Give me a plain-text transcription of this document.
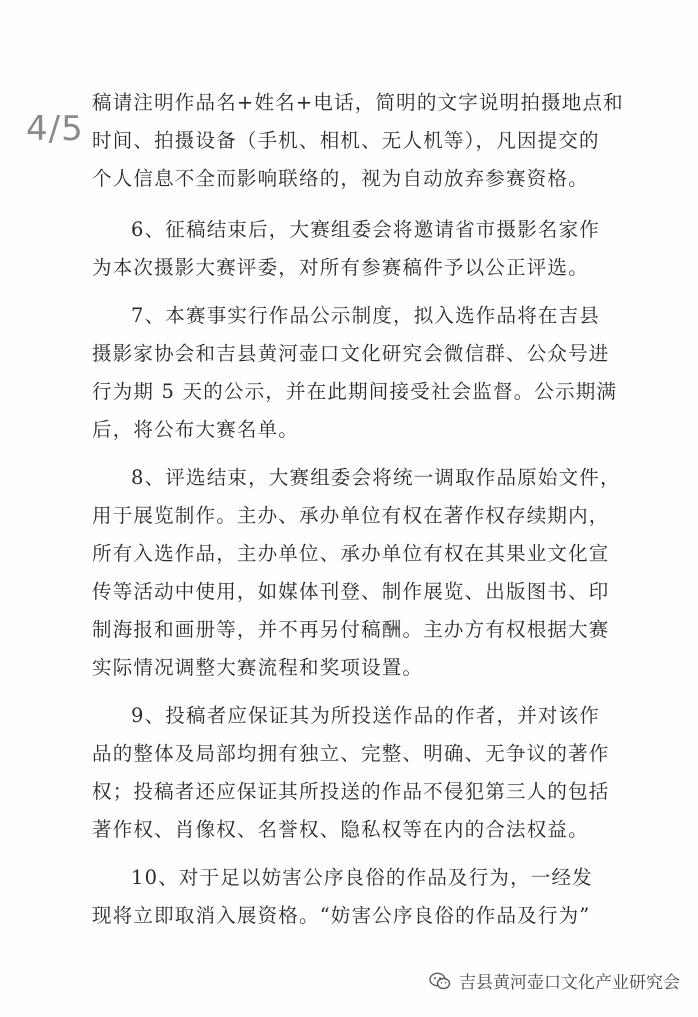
4/5

稿请注明作品名+姓名+电话，简明的文字说明拍摄地点和
时间、拍摄设备（手机、相机、无人机等），凡因提交的
个人信息不全而影响联络的，视为自动放弃参赛资格。

6、征稿结束后，大赛组委会将邀请省市摄影名家作
为本次摄影大赛评委，对所有参赛稿件予以公正评选。

7、本赛事实行作品公示制度，拟入选作品将在吉县
摄影家协会和吉县黄河壶口文化研究会微信群、公众号进
行为期 5 天的公示，并在此期间接受社会监督。公示期满
后，将公布大赛名单。

8、评选结束，大赛组委会将统一调取作品原始文件，
用于展览制作。主办、承办单位有权在著作权存续期内，
所有入选作品，主办单位、承办单位有权在其果业文化宣
传等活动中使用，如媒体刊登、制作展览、出版图书、印
制海报和画册等，并不再另付稿酬。主办方有权根据大赛
实际情况调整大赛流程和奖项设置。

9、投稿者应保证其为所投送作品的作者，并对该作
品的整体及局部均拥有独立、完整、明确、无争议的著作
权；投稿者还应保证其所投送的作品不侵犯第三人的包括
著作权、肖像权、名誉权、隐私权等在内的合法权益。

10、对于足以妨害公序良俗的作品及行为，一经发
现将立即取消入展资格。“妨害公序良俗的作品及行为”

吉县黄河壶口文化产业研究会
